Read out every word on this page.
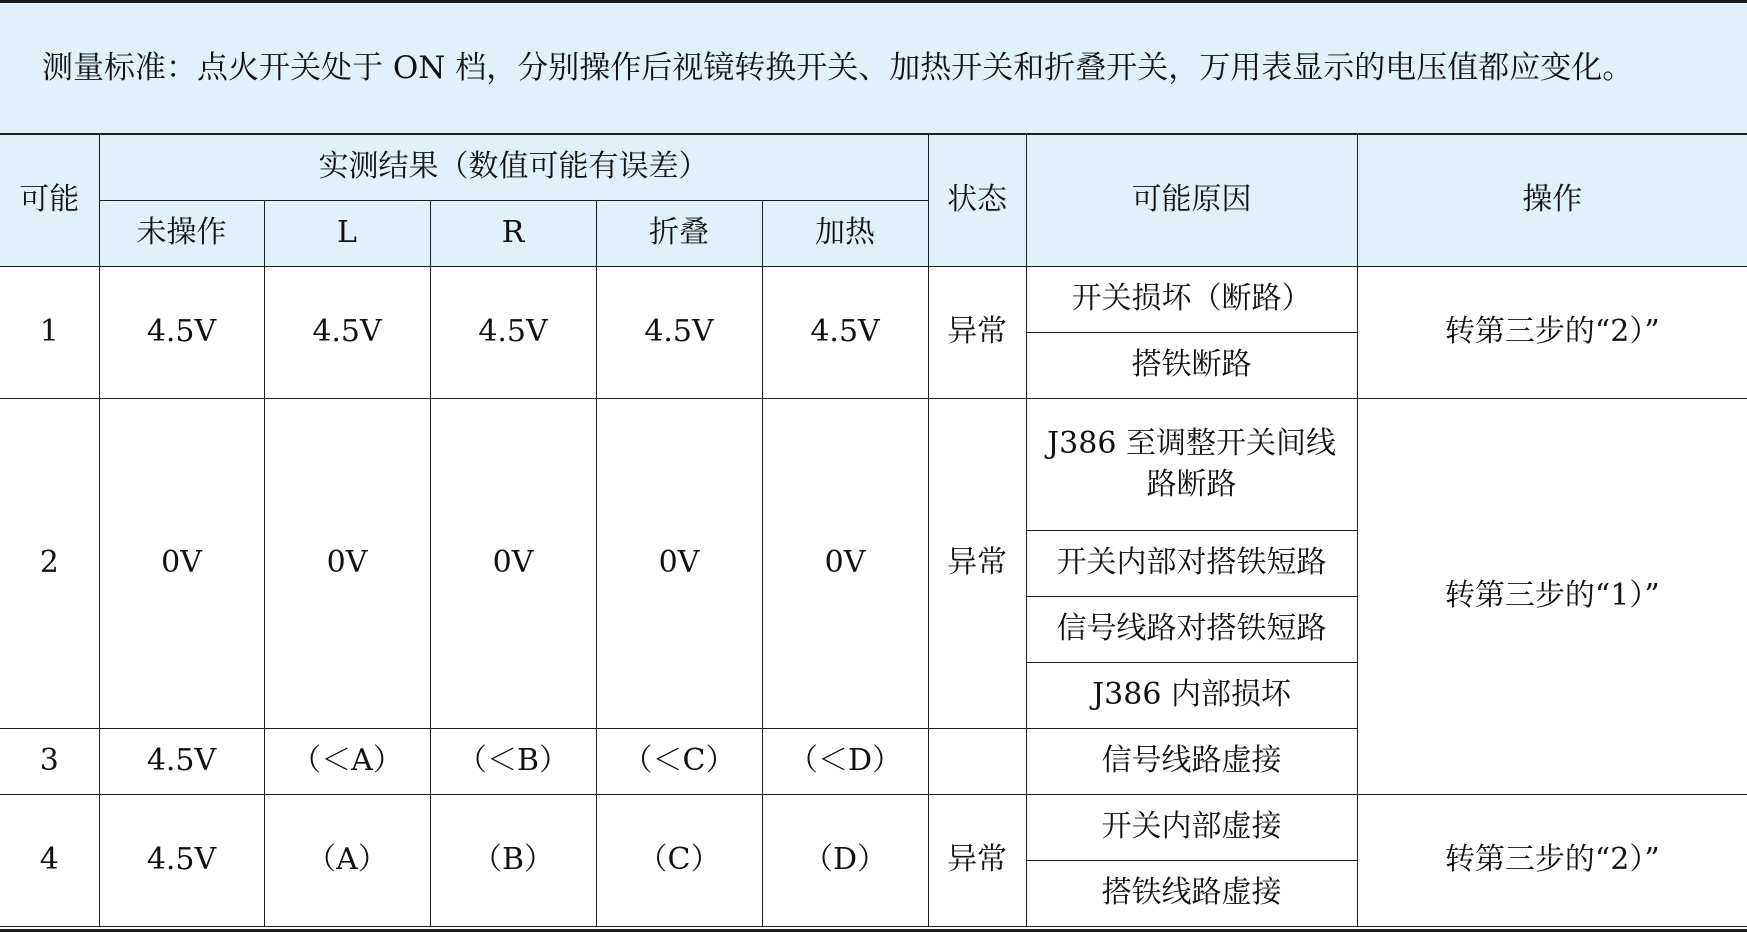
测量标准：点火开关处于 ON 档，分别操作后视镜转换开关、加热开关和折叠开关，万用表显示的电压值都应变化。
可能	实测结果（数值可能有误差）					状态	可能原因	操作
	未操作	L	R	折叠	加热			
1	4.5V	4.5V	4.5V	4.5V	4.5V	异常	开关损坏（断路）	转第三步的“2）”
							搭铁断路	
2	0V	0V	0V	0V	0V	异常	J386 至调整开关间线路断路	转第三步的“1）”
							开关内部对搭铁短路	
							信号线路对搭铁短路	
							J386 内部损坏	
3	4.5V	（＜A）	（＜B）	（＜C）	（＜D）		信号线路虚接	
4	4.5V	（A）	（B）	（C）	（D）	异常	开关内部虚接	转第三步的“2）”
							搭铁线路虚接	
